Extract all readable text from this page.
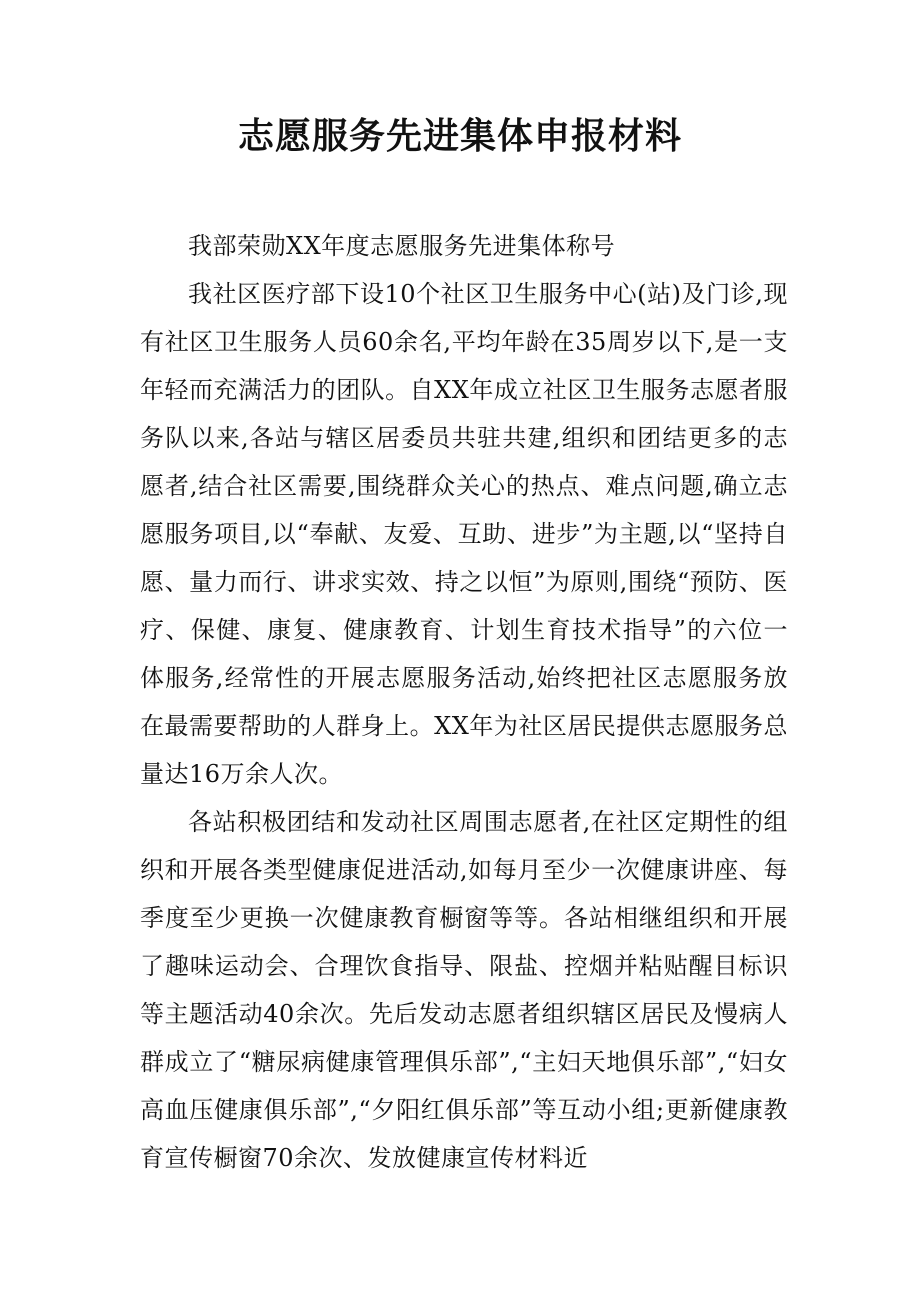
志愿服务先进集体申报材料

我部荣勋XX年度志愿服务先进集体称号

我社区医疗部下设10个社区卫生服务中心(站)及门诊,现有社区卫生服务人员60余名,平均年龄在35周岁以下,是一支年轻而充满活力的团队。自XX年成立社区卫生服务志愿者服务队以来,各站与辖区居委员共驻共建,组织和团结更多的志愿者,结合社区需要,围绕群众关心的热点、难点问题,确立志愿服务项目,以“奉献、友爱、互助、进步”为主题,以“坚持自愿、量力而行、讲求实效、持之以恒”为原则,围绕“预防、医疗、保健、康复、健康教育、计划生育技术指导”的六位一体服务,经常性的开展志愿服务活动,始终把社区志愿服务放在最需要帮助的人群身上。XX年为社区居民提供志愿服务总量达16万余人次。

各站积极团结和发动社区周围志愿者,在社区定期性的组织和开展各类型健康促进活动,如每月至少一次健康讲座、每季度至少更换一次健康教育橱窗等等。各站相继组织和开展了趣味运动会、合理饮食指导、限盐、控烟并粘贴醒目标识等主题活动40余次。先后发动志愿者组织辖区居民及慢病人群成立了“糖尿病健康管理俱乐部”,“主妇天地俱乐部”,“妇女高血压健康俱乐部”,“夕阳红俱乐部”等互动小组;更新健康教育宣传橱窗70余次、发放健康宣传材料近
